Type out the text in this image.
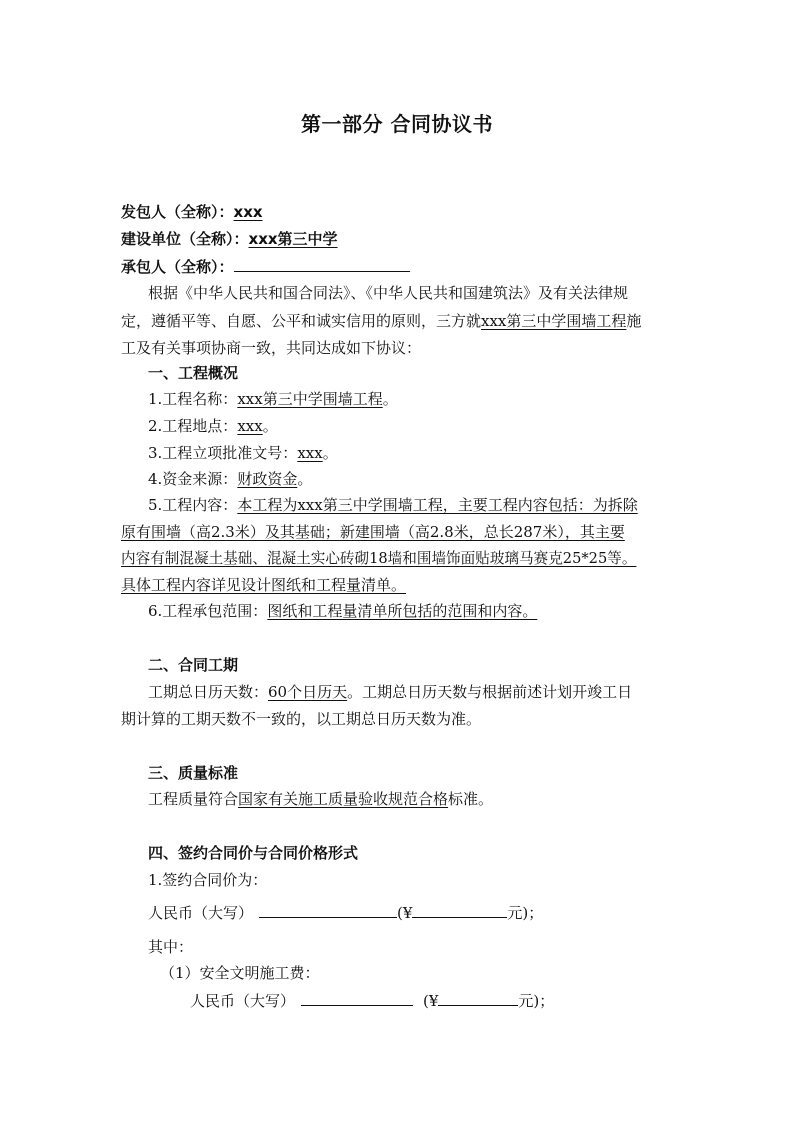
第一部分 合同协议书
发包人（全称）：xxx
建设单位（全称）：xxx第三中学
承包人（全称）：
根据《中华人民共和国合同法》、《中华人民共和国建筑法》及有关法律规
定，遵循平等、自愿、公平和诚实信用的原则，三方就xxx第三中学围墙工程施
工及有关事项协商一致，共同达成如下协议：
一、工程概况
1.工程名称：xxx第三中学围墙工程。
2.工程地点：xxx。
3.工程立项批准文号：xxx。
4.资金来源：财政资金。
5.工程内容：本工程为xxx第三中学围墙工程，主要工程内容包括：为拆除
原有围墙（高2.3米）及其基础；新建围墙（高2.8米，总长287米），其主要
内容有制混凝土基础、混凝土实心砖砌18墙和围墙饰面贴玻璃马赛克25*25等。
具体工程内容详见设计图纸和工程量清单。
6.工程承包范围：图纸和工程量清单所包括的范围和内容。
二、合同工期
工期总日历天数：60个日历天。工期总日历天数与根据前述计划开竣工日
期计算的工期天数不一致的，以工期总日历天数为准。
三、质量标准
工程质量符合国家有关施工质量验收规范合格标准。
四、签约合同价与合同价格形式
1.签约合同价为：
人民币（大写）	(¥	元)；
其中：
（1）安全文明施工费：
人民币（大写）	(¥	元)；
